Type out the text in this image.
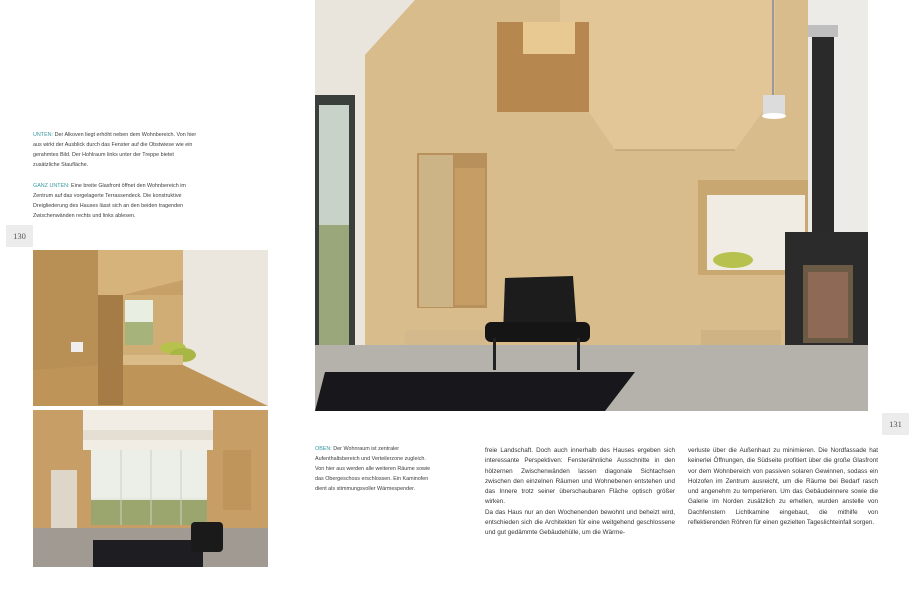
UNTEN: Der Alkoven liegt erhöht neben dem Wohnbereich. Von hier aus wirkt der Ausblick durch das Fenster auf die Obstwiese wie ein gerahmtes Bild. Der Hohlraum links unter der Treppe bietet zusätzliche Staufläche.
GANZ UNTEN: Eine breite Glasfront öffnet den Wohnbereich im Zentrum auf das vorgelagerte Terrassendeck. Die konstruktive Dreigliederung des Hauses lässt sich an den beiden tragenden Zwischenwänden rechts und links ablesen.
130
131
OBEN: Der Wohnraum ist zentraler Aufenthaltsbereich und Verteilerzone zugleich. Von hier aus werden alle weiteren Räume sowie das Obergeschoss erschlossen. Ein Kaminofen dient als stimmungsvoller Wärmespender.

freie Landschaft. Doch auch innerhalb des Hauses ergeben sich interessante Perspektiven: Fensterähnliche Ausschnitte in den hölzernen Zwischenwänden lassen diagonale Sichtachsen zwischen den einzelnen Räumen und Wohnebenen entstehen und das Innere trotz seiner überschaubaren Fläche optisch größer wirken.

Da das Haus nur an den Wochenenden bewohnt und beheizt wird, entschieden sich die Architekten für eine weitgehend geschlossene und gut gedämmte Gebäudehülle, um die Wärme-

verluste über die Außenhaut zu minimieren. Die Nordfassade hat keinerlei Öffnungen, die Südseite profitiert über die große Glasfront vor dem Wohnbereich von passiven solaren Gewinnen, sodass ein Holzofen im Zentrum ausreicht, um die Räume bei Bedarf rasch und angenehm zu temperieren. Um das Gebäudeinnere sowie die Galerie im Norden zusätzlich zu erhellen, wurden anstelle von Dachfenstern Lichtkamine eingebaut, die mithilfe von reflektierenden Röhren für einen gezielten Tageslichteinfall sorgen.
